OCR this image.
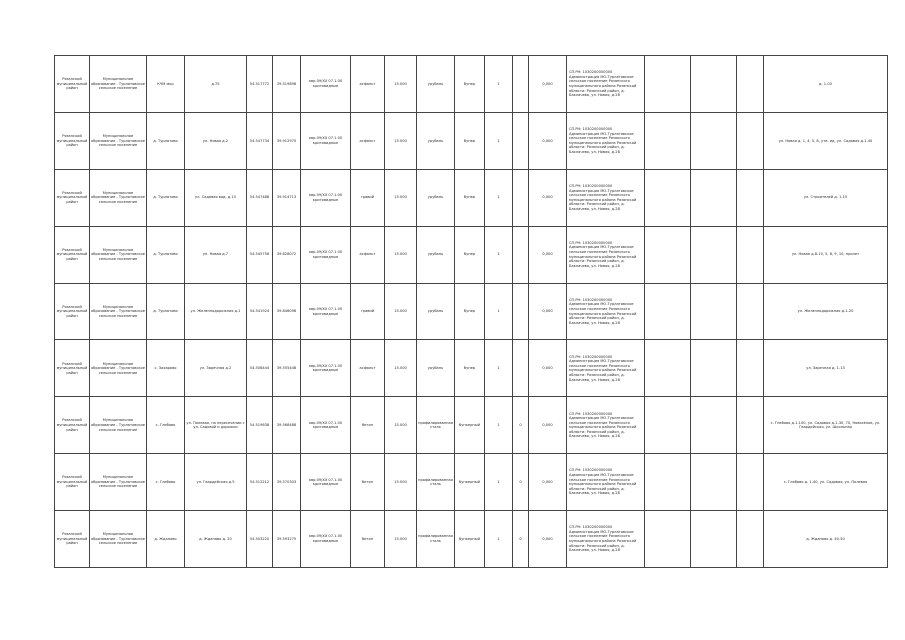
Рязанский муниципальный район	Муниципальное образование - Турлатовское сельское поселение	КЧМ мкр	д.75	54.517772	39.519898	квр.09/ХХ 07.1.00 критовидные	асфальт	15.000	урубань	бунер	1		0,000	СП.РН: 1030200000000 Администрация МО-Турлатовское сельское поселение Рязанского муниципального района Рязанской области: Рязанский район, д. Баклачево, ул. Новая, д.28				д. 1-03
Рязанский муниципальный район	Муниципальное образование - Турлатовское сельское поселение	д. Турлатово	ул. Новая д.2	54.547734	39.912970	квр.09/ХХ 07.1.00 критовидные	асфальт	15.000	урубань	бунер	1		0,000	СП.РН: 1030200000000 Администрация МО-Турлатовское сельское поселение Рязанского муниципального района Рязанской области: Рязанский район, д. Баклачево, ул. Новая, д.28				ул. Новая д. 1, 4, 5, 8, уте. ид, ул. Садовая д.1-40
Рязанский муниципальный район	Муниципальное образование - Турлатовское сельское поселение	д. Турлатово	ул. Садовая вод. д.15	54.547488	39.914713	квр.09/ХХ 07.1.00 критовидные	гравий	15.000	урубань	бунер	1		0,000	СП.РН: 1030200000000 Администрация МО-Турлатовское сельское поселение Рязанского муниципального района Рязанской области: Рязанский район, д. Баклачево, ул. Новая, д.28				ул. Строителей д. 1-15
Рязанский муниципальный район	Муниципальное образование - Турлатовское сельское поселение	д. Турлатово	ул. Новая д.7	54.545756	39.828072	квр.09/ХХ 07.1.00 критовидные	асфальт	15.000	урубань	бунер	1		0,000	СП.РН: 1030200000000 Администрация МО-Турлатовское сельское поселение Рязанского муниципального района Рязанской области: Рязанский район, д. Баклачево, ул. Новая, д.28				ул. Новая д.8-10, 5, 6, 9, 10, пролет
Рязанский муниципальный район	Муниципальное образование - Турлатовское сельское поселение	д. Турлатово	ул. Железнодорожная д.1	54.541924	39.846098	квр.09/ХХ 07.1.00 критовидные	гравий	15.000	урубань	бунер	1		0,000	СП.РН: 1030200000000 Администрация МО-Турлатовское сельское поселение Рязанского муниципального района Рязанской области: Рязанский район, д. Баклачево, ул. Новая, д.28				ул. Железнодорожная д.1-20
Рязанский муниципальный район	Муниципальное образование - Турлатовское сельское поселение	с. Захарово	ул. Заречная д.2	54.508444	39.555448	квр.09/ХХ 07.1.00 критовидные	асфальт	15.000	урубань	бунер	1		0,000	СП.РН: 1030200000000 Администрация МО-Турлатовское сельское поселение Рязанского муниципального района Рязанской области: Рязанский район, д. Баклачево, ул. Новая, д.28				ул. Заречная д. 1-13
Рязанский муниципальный район	Муниципальное образование - Турлатовское сельское поселение	с. Глебово	ул. Полевая, на пересечении с ул. Садовой и дорожки	54.519838	39.568488	квр.09/ХХ 07.1.00 критовидные	бетон	15.000	профилированная сталь	бункерный	1	0	0,000	СП.РН: 1030200000000 Администрация МО-Турлатовское сельское поселение Рязанского муниципального района Рязанской области: Рязанский район, д. Баклачево, ул. Новая, д.28				с. Глебово д.1-100, ул. Садовая д.1-30, 70, Новосёлов, ул. Гвардейская, ул. Школьная
Рязанский муниципальный район	Муниципальное образование - Турлатовское сельское поселение	с. Глебово	ул. Гвардейская д.5	54.512212	39.570303	квр.09/ХХ 07.1.00 критовидные	бетон	15.000	профилированная сталь	бункерный	1	0	0,000	СП.РН: 1030200000000 Администрация МО-Турлатовское сельское поселение Рязанского муниципального района Рязанской области: Рязанский район, д. Баклачево, ул. Новая, д.28				с. Глебово д. 1-40, ул. Садовая, ул. Полевая
Рязанский муниципальный район	Муниципальное образование - Турлатовское сельское поселение	д. Жданово	д. Жданово д. 20	54.503220	39.593275	квр.09/ХХ 07.1.00 критовидные	бетон	15.000	профилированная сталь	бункерный	1	0	0,000	СП.РН: 1030200000000 Администрация МО-Турлатовское сельское поселение Рязанского муниципального района Рязанской области: Рязанский район, д. Баклачево, ул. Новая, д.28				д. Жданово д. 40-50
